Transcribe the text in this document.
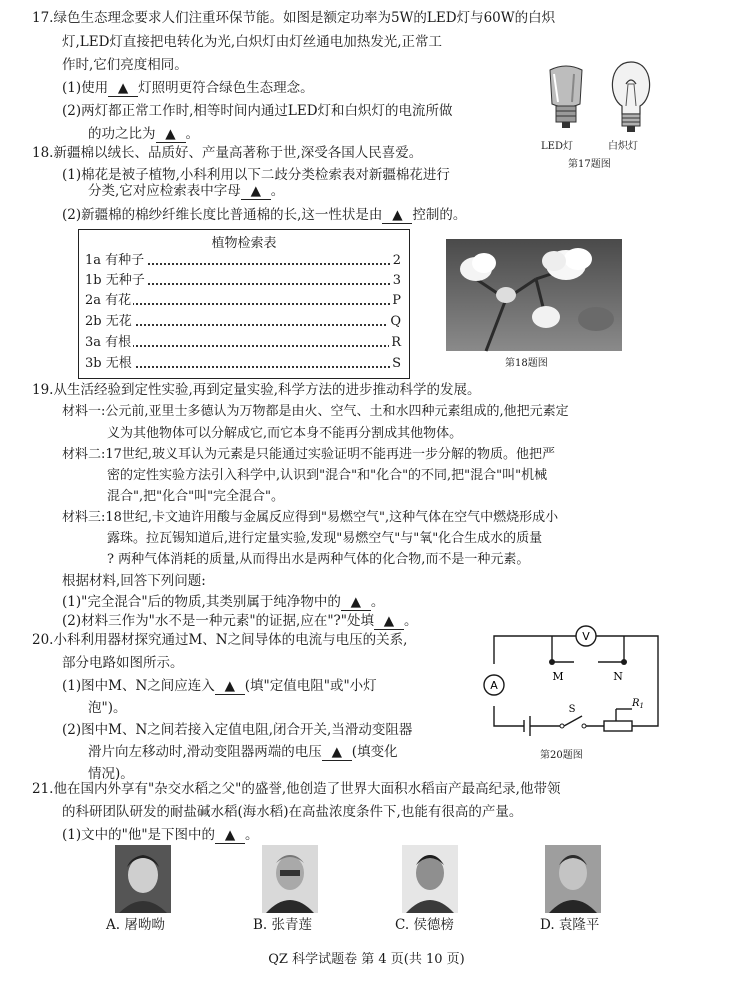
17.绿色生态理念要求人们注重环保节能。如图是额定功率为5W的LED灯与60W的白炽
灯,LED灯直接把电转化为光,白炽灯由灯丝通电加热发光,正常工
作时,它们亮度相同。
(1)使用 ▲ 灯照明更符合绿色生态理念。
(2)两灯都正常工作时,相等时间内通过LED灯和白炽灯的电流所做
的功之比为 ▲ 。
LED灯	白炽灯
第17题图
18.新疆棉以绒长、品质好、产量高著称于世,深受各国人民喜爱。
(1)棉花是被子植物,小科利用以下二歧分类检索表对新疆棉花进行
分类,它对应检索表中字母 ▲ 。
(2)新疆棉的棉纱纤维长度比普通棉的长,这一性状是由 ▲ 控制的。
植物检索表
1a 有种子	2
1b 无种子	3
2a 有花	P
2b 无花	Q
3a 有根	R
3b 无根	S	第18题图
19.从生活经验到定性实验,再到定量实验,科学方法的进步推动科学的发展。
材料一:公元前,亚里士多德认为万物都是由火、空气、土和水四种元素组成的,他把元素定
义为其他物体可以分解成它,而它本身不能再分割成其他物体。
材料二:17世纪,玻义耳认为元素是只能通过实验证明不能再进一步分解的物质。他把严
密的定性实验方法引入科学中,认识到"混合"和"化合"的不同,把"混合"叫"机械
混合",把"化合"叫"完全混合"。
材料三:18世纪,卡文迪许用酸与金属反应得到"易燃空气",这种气体在空气中燃烧形成小
露珠。拉瓦锡知道后,进行定量实验,发现"易燃空气"与"氧"化合生成水的质量
? 两种气体消耗的质量,从而得出水是两种气体的化合物,而不是一种元素。
根据材料,回答下列问题:
(1)"完全混合"后的物质,其类别属于纯净物中的 ▲ 。
(2)材料三作为"水不是一种元素"的证据,应在"?"处填 ▲ 。
20.小科利用器材探究通过M、N之间导体的电流与电压的关系,
部分电路如图所示。
(1)图中M、N之间应连入 ▲ (填"定值电阻"或"小灯
泡")。
(2)图中M、N之间若接入定值电阻,闭合开关,当滑动变阻器
滑片向左移动时,滑动变阻器两端的电压 ▲ (填变化
情况)。
V
A
M	N
S
$R_1$
第20题图
21.他在国内外享有"杂交水稻之父"的盛誉,他创造了世界大面积水稻亩产最高纪录,他带领
的科研团队研发的耐盐碱水稻(海水稻)在高盐浓度条件下,也能有很高的产量。
(1)文中的"他"是下图中的 ▲ 。
A. 屠呦呦	B. 张青莲	C. 侯德榜	D. 袁隆平
QZ 科学试题卷 第 4 页(共 10 页)
